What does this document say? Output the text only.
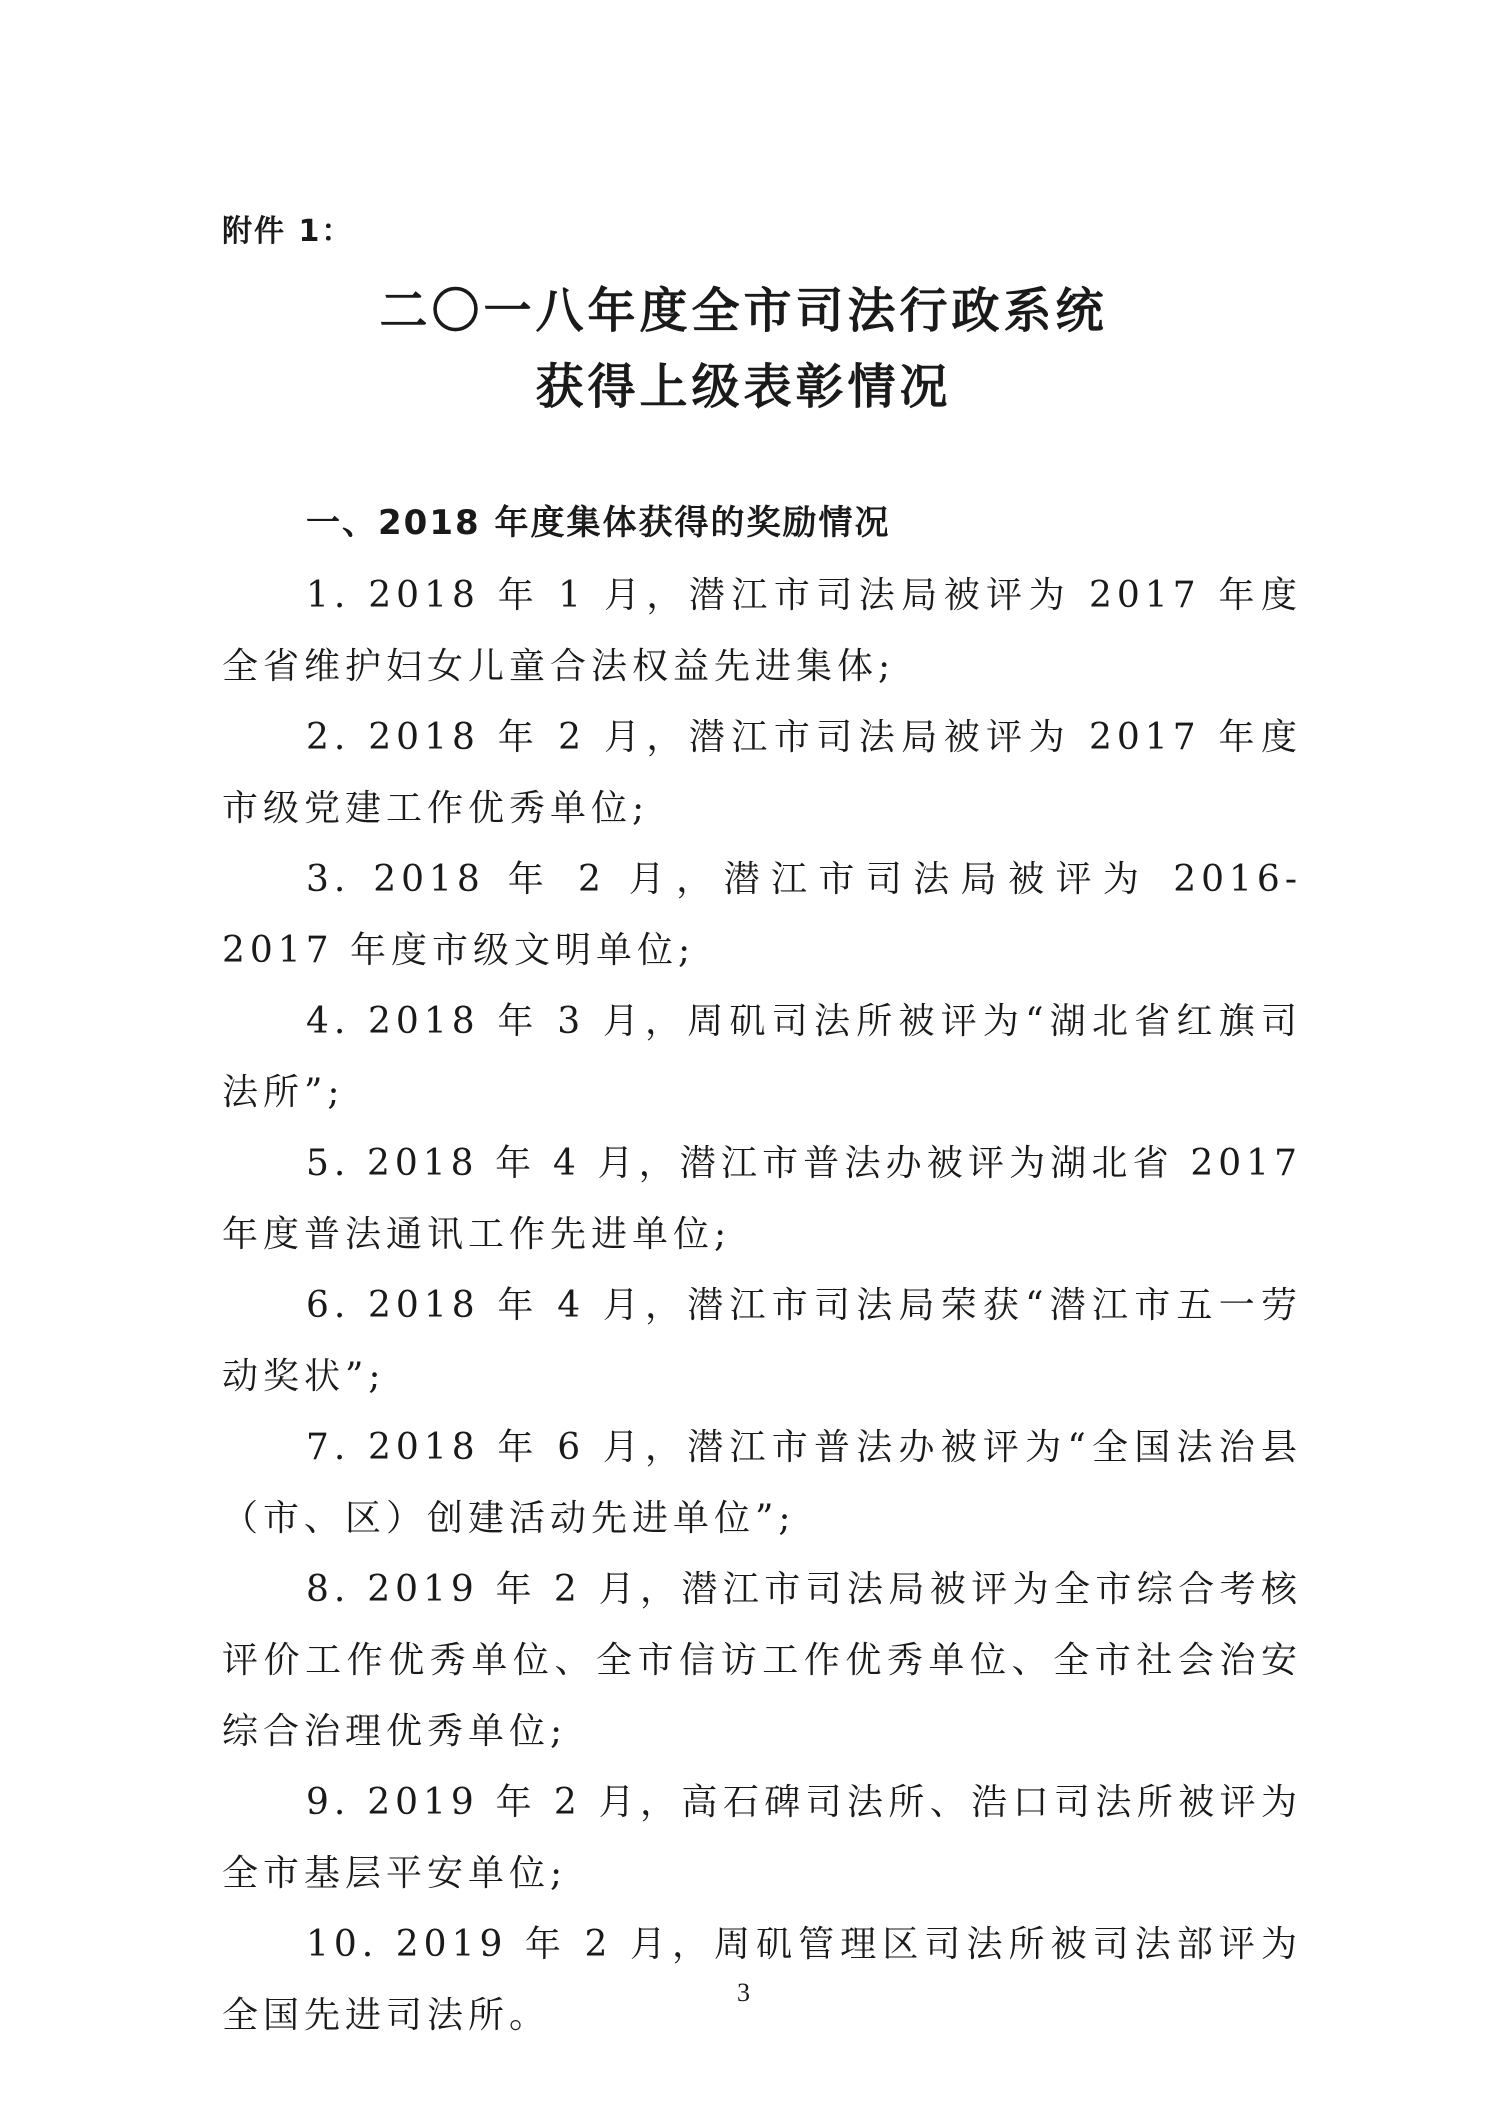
附件 1：
二〇一八年度全市司法行政系统
获得上级表彰情况
一、2018 年度集体获得的奖励情况

1. 2018 年 1 月，潜江市司法局被评为 2017 年度全省维护妇女儿童合法权益先进集体;

2. 2018 年 2 月，潜江市司法局被评为 2017 年度市级党建工作优秀单位;

3. 2018 年 2 月，潜江市司法局被评为 2016-2017 年度市级文明单位;

4. 2018 年 3 月，周矶司法所被评为“湖北省红旗司法所”;

5. 2018 年 4 月，潜江市普法办被评为湖北省 2017 年度普法通讯工作先进单位;

6. 2018 年 4 月，潜江市司法局荣获“潜江市五一劳动奖状”;

7. 2018 年 6 月，潜江市普法办被评为“全国法治县（市、区）创建活动先进单位”;

8. 2019 年 2 月，潜江市司法局被评为全市综合考核评价工作优秀单位、全市信访工作优秀单位、全市社会治安综合治理优秀单位;

9. 2019 年 2 月，高石碑司法所、浩口司法所被评为全市基层平安单位;

10. 2019 年 2 月，周矶管理区司法所被司法部评为全国先进司法所。

3
